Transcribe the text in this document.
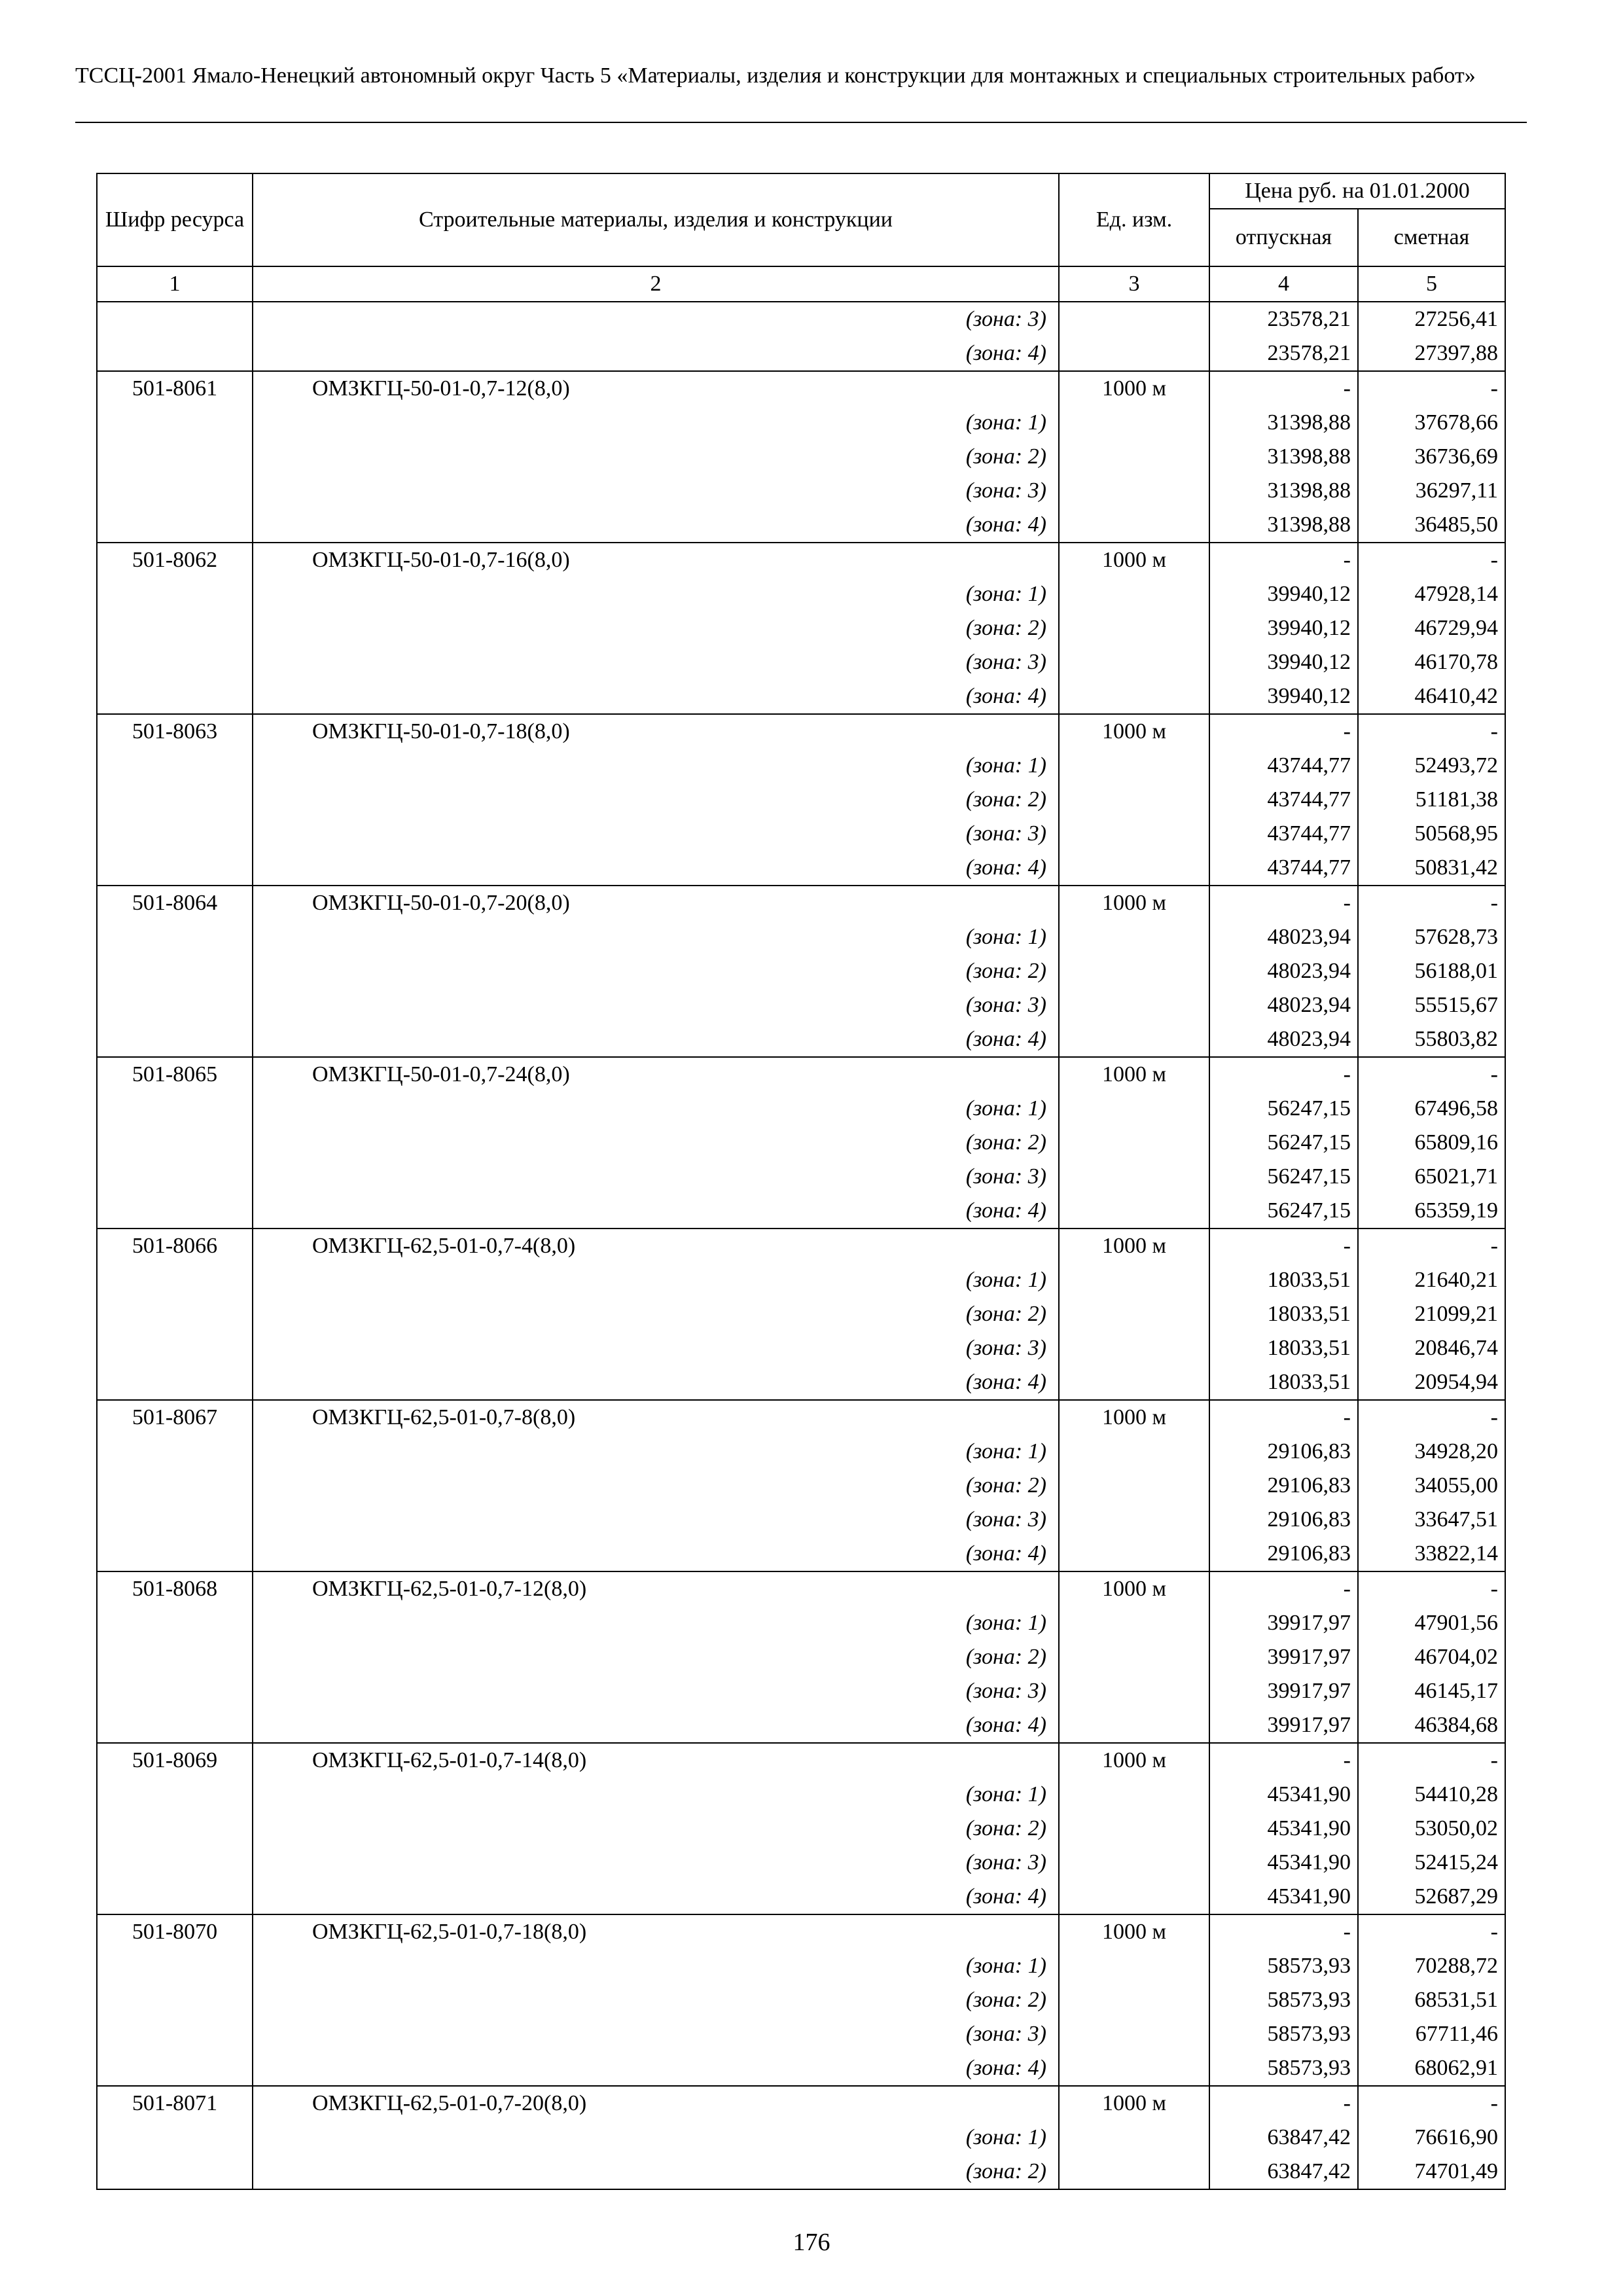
ТССЦ-2001 Ямало-Ненецкий автономный округ Часть 5 «Материалы, изделия и конструкции для монтажных и специальных строительных работ»
Шифр ресурса	Строительные материалы, изделия и конструкции	Ед. изм.	Цена руб. на 01.01.2000	
			отпускная	сметная
1	2	3	4	5
	(зона: 3)		23578,21	27256,41
	(зона: 4)		23578,21	27397,88
501-8061	ОМЗКГЦ-50-01-0,7-12(8,0)	1000 м	-	-
	(зона: 1)		31398,88	37678,66
	(зона: 2)		31398,88	36736,69
	(зона: 3)		31398,88	36297,11
	(зона: 4)		31398,88	36485,50
501-8062	ОМЗКГЦ-50-01-0,7-16(8,0)	1000 м	-	-
	(зона: 1)		39940,12	47928,14
	(зона: 2)		39940,12	46729,94
	(зона: 3)		39940,12	46170,78
	(зона: 4)		39940,12	46410,42
501-8063	ОМЗКГЦ-50-01-0,7-18(8,0)	1000 м	-	-
	(зона: 1)		43744,77	52493,72
	(зона: 2)		43744,77	51181,38
	(зона: 3)		43744,77	50568,95
	(зона: 4)		43744,77	50831,42
501-8064	ОМЗКГЦ-50-01-0,7-20(8,0)	1000 м	-	-
	(зона: 1)		48023,94	57628,73
	(зона: 2)		48023,94	56188,01
	(зона: 3)		48023,94	55515,67
	(зона: 4)		48023,94	55803,82
501-8065	ОМЗКГЦ-50-01-0,7-24(8,0)	1000 м	-	-
	(зона: 1)		56247,15	67496,58
	(зона: 2)		56247,15	65809,16
	(зона: 3)		56247,15	65021,71
	(зона: 4)		56247,15	65359,19
501-8066	ОМЗКГЦ-62,5-01-0,7-4(8,0)	1000 м	-	-
	(зона: 1)		18033,51	21640,21
	(зона: 2)		18033,51	21099,21
	(зона: 3)		18033,51	20846,74
	(зона: 4)		18033,51	20954,94
501-8067	ОМЗКГЦ-62,5-01-0,7-8(8,0)	1000 м	-	-
	(зона: 1)		29106,83	34928,20
	(зона: 2)		29106,83	34055,00
	(зона: 3)		29106,83	33647,51
	(зона: 4)		29106,83	33822,14
501-8068	ОМЗКГЦ-62,5-01-0,7-12(8,0)	1000 м	-	-
	(зона: 1)		39917,97	47901,56
	(зона: 2)		39917,97	46704,02
	(зона: 3)		39917,97	46145,17
	(зона: 4)		39917,97	46384,68
501-8069	ОМЗКГЦ-62,5-01-0,7-14(8,0)	1000 м	-	-
	(зона: 1)		45341,90	54410,28
	(зона: 2)		45341,90	53050,02
	(зона: 3)		45341,90	52415,24
	(зона: 4)		45341,90	52687,29
501-8070	ОМЗКГЦ-62,5-01-0,7-18(8,0)	1000 м	-	-
	(зона: 1)		58573,93	70288,72
	(зона: 2)		58573,93	68531,51
	(зона: 3)		58573,93	67711,46
	(зона: 4)		58573,93	68062,91
501-8071	ОМЗКГЦ-62,5-01-0,7-20(8,0)	1000 м	-	-
	(зона: 1)		63847,42	76616,90
	(зона: 2)		63847,42	74701,49
176
